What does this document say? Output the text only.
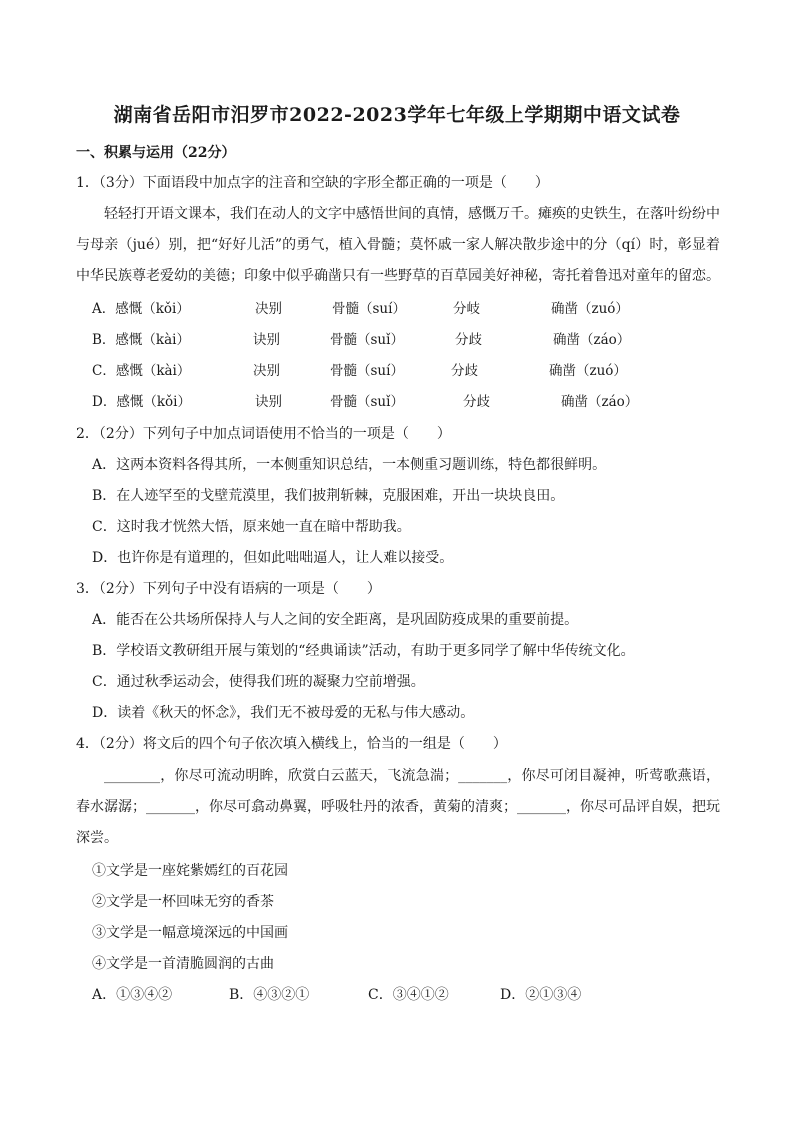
湖南省岳阳市汨罗市2022-2023学年七年级上学期期中语文试卷
一、积累与运用（22分）
1．（3分）下面语段中加点字的注音和空缺的字形全都正确的一项是（　　）
轻轻打开语文课本，我们在动人的文字中感悟世间的真情，感慨万千。瘫痪的史铁生，在落叶纷纷中与母亲（jué）别，把“好好儿活”的勇气，植入骨髓；莫怀戚一家人解决散步途中的分（qí）时，彰显着中华民族尊老爱幼的美德；印象中似乎确凿只有一些野草的百草园美好神秘，寄托着鲁迅对童年的留恋。
A．感慨（kǒi）	决别	骨髓（suí）	分岐	确凿（zuó）
B．感慨（kài）	诀别	骨髓（suǐ）	分歧	确凿（záo）
C．感慨（kài）	决别	骨髓（suí）	分歧	确凿（zuó）
D．感慨（kǒi）	诀别	骨髓（suǐ）	分歧	确凿（záo）
2．（2分）下列句子中加点词语使用不恰当的一项是（　　）
A．这两本资料各得其所，一本侧重知识总结，一本侧重习题训练，特色都很鲜明。
B．在人迹罕至的戈壁荒漠里，我们披荆斩棘，克服困难，开出一块块良田。
C．这时我才恍然大悟，原来她一直在暗中帮助我。
D．也许你是有道理的，但如此咄咄逼人，让人难以接受。
3．（2分）下列句子中没有语病的一项是（　　）
A．能否在公共场所保持人与人之间的安全距离，是巩固防疫成果的重要前提。
B．学校语文教研组开展与策划的“经典诵读”活动，有助于更多同学了解中华传统文化。
C．通过秋季运动会，使得我们班的凝聚力空前增强。
D．读着《秋天的怀念》，我们无不被母爱的无私与伟大感动。
4．（2分）将文后的四个句子依次填入横线上，恰当的一组是（　　）
________，你尽可流动明眸，欣赏白云蓝天，飞流急湍；_______，你尽可闭目凝神，听莺歌燕语，春水潺潺；_______，你尽可翕动鼻翼，呼吸牡丹的浓香，黄菊的清爽；_______，你尽可品评自娱，把玩深尝。
①文学是一座姹紫嫣红的百花园
②文学是一杯回味无穷的香茶
③文学是一幅意境深远的中国画
④文学是一首清脆圆润的古曲
A．①③④②	B．④③②①	C．③④①②	D．②①③④
